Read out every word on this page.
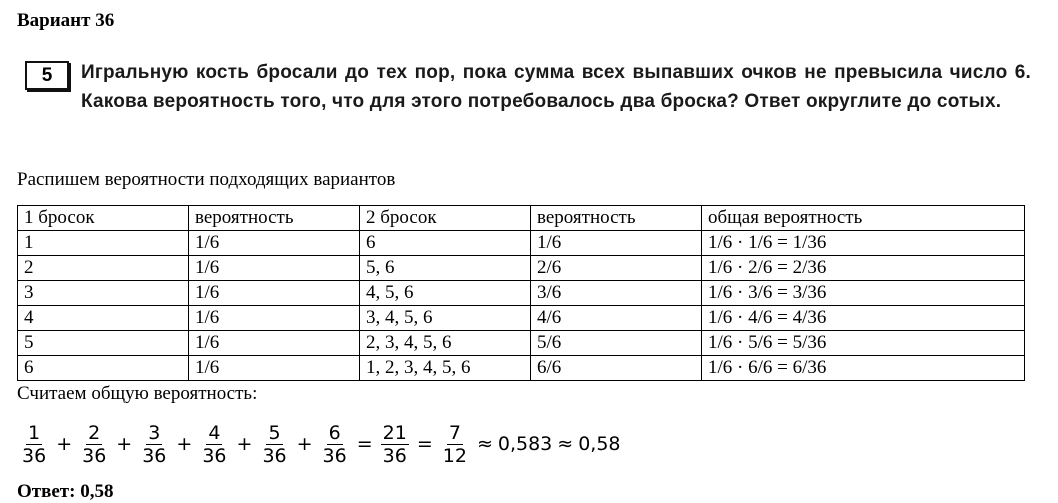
Вариант 36
5	Игральную кость бросали до тех пор, пока сумма всех выпавших очков не превысила число 6. Какова вероятность того, что для этого потребовалось два броска? Ответ округлите до сотых.
Распишем вероятности подходящих вариантов
1 бросок	вероятность	2 бросок	вероятность	общая вероятность
1	1/6	6	1/6	1/6 · 1/6 = 1/36
2	1/6	5, 6	2/6	1/6 · 2/6 = 2/36
3	1/6	4, 5, 6	3/6	1/6 · 3/6 = 3/36
4	1/6	3, 4, 5, 6	4/6	1/6 · 4/6 = 4/36
5	1/6	2, 3, 4, 5, 6	5/6	1/6 · 5/6 = 5/36
6	1/6	1, 2, 3, 4, 5, 6	6/6	1/6 · 6/6 = 6/36
Считаем общую вероятность:
$\frac{1}{36} + \frac{2}{36} + \frac{3}{36} + \frac{4}{36} + \frac{5}{36} + \frac{6}{36} = \frac{21}{36} = \frac{7}{12} \approx 0,583 \approx 0,58$
Ответ: 0,58
